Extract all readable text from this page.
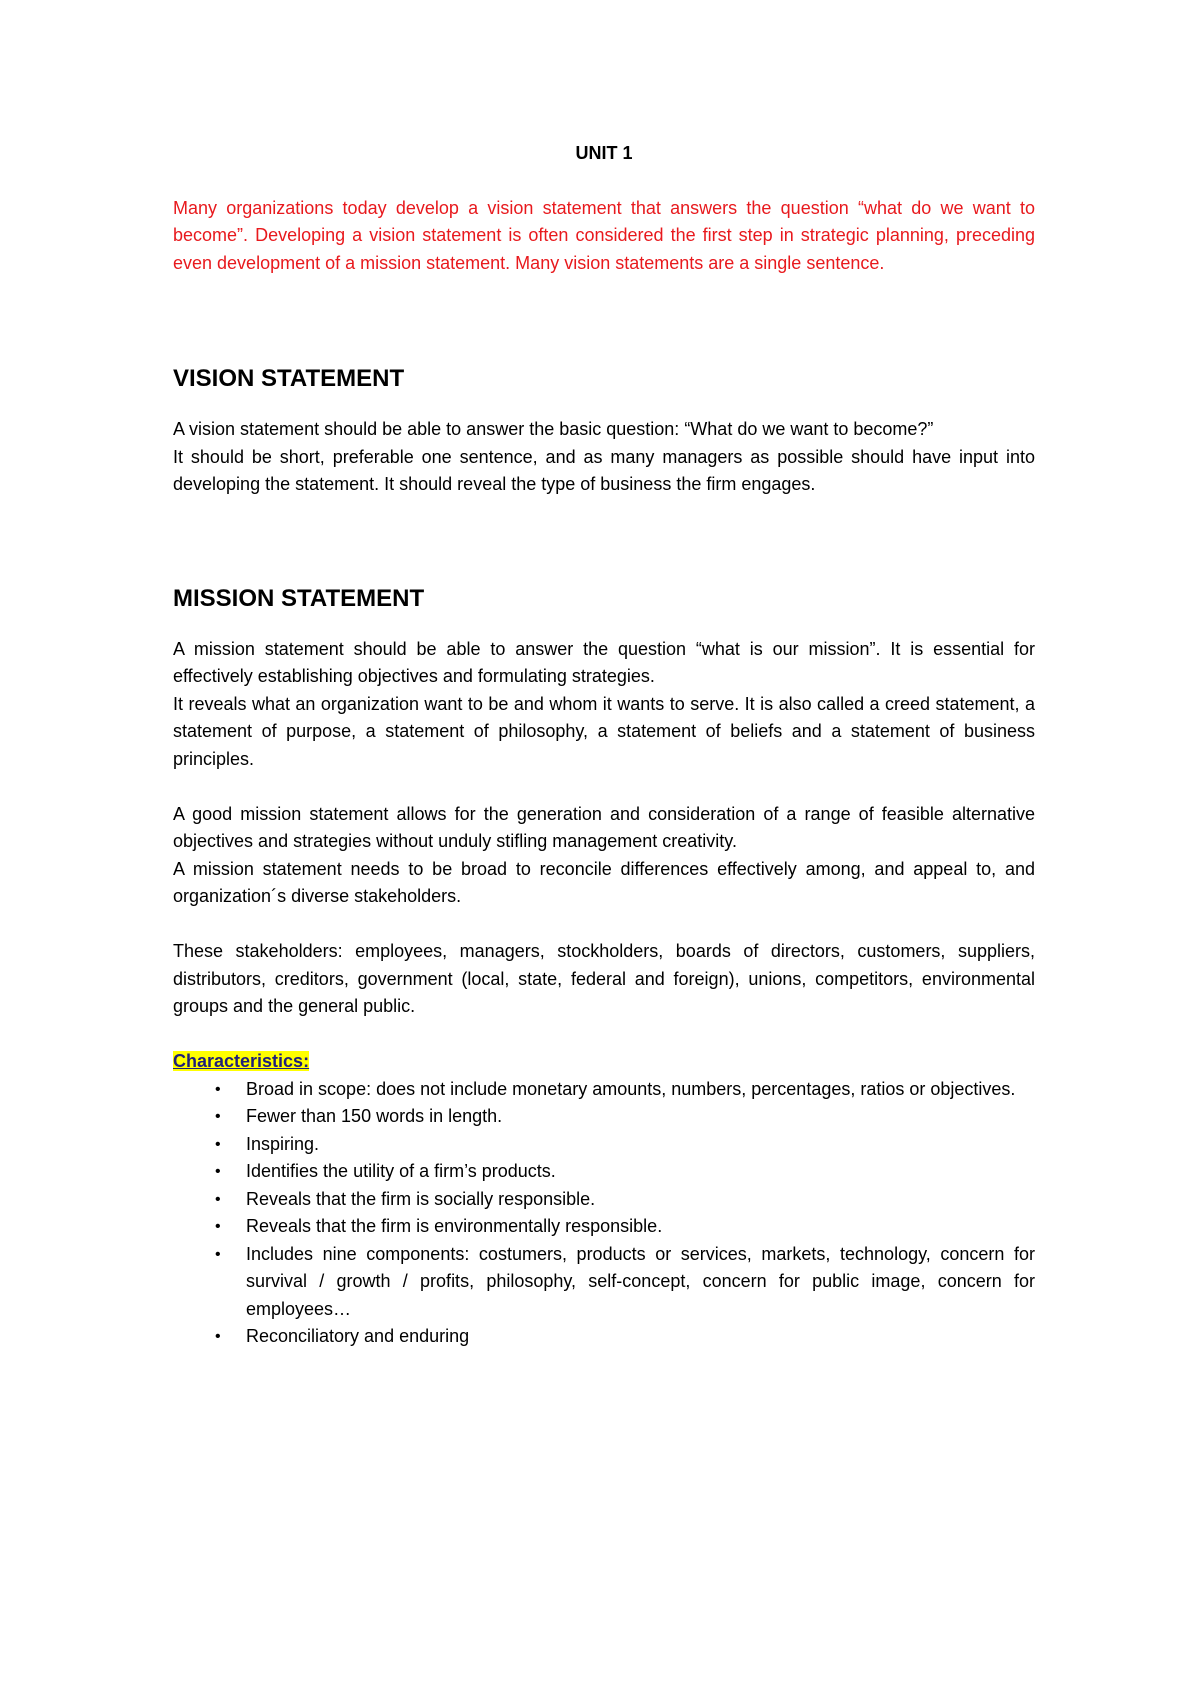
UNIT 1

Many organizations today develop a vision statement that answers the question “what do we want to become”. Developing a vision statement is often considered the first step in strategic planning, preceding even development of a mission statement. Many vision statements are a single sentence.

VISION STATEMENT

A vision statement should be able to answer the basic question: “What do we want to become?”

It should be short, preferable one sentence, and as many managers as possible should have input into developing the statement. It should reveal the type of business the firm engages.

MISSION STATEMENT

A mission statement should be able to answer the question “what is our mission”. It is essential for effectively establishing objectives and formulating strategies.

It reveals what an organization want to be and whom it wants to serve. It is also called a creed statement, a statement of purpose, a statement of philosophy, a statement of beliefs and a statement of business principles.

A good mission statement allows for the generation and consideration of a range of feasible alternative objectives and strategies without unduly stifling management creativity.

A mission statement needs to be broad to reconcile differences effectively among, and appeal to, and organization´s diverse stakeholders.

These stakeholders: employees, managers, stockholders, boards of directors, customers, suppliers, distributors, creditors, government (local, state, federal and foreign), unions, competitors, environmental groups and the general public.

Characteristics:
• Broad in scope: does not include monetary amounts, numbers, percentages, ratios or objectives.
• Fewer than 150 words in length.
• Inspiring.
• Identifies the utility of a firm’s products.
• Reveals that the firm is socially responsible.
• Reveals that the firm is environmentally responsible.
• Includes nine components: costumers, products or services, markets, technology, concern for survival / growth / profits, philosophy, self-concept, concern for public image, concern for employees…
• Reconciliatory and enduring
